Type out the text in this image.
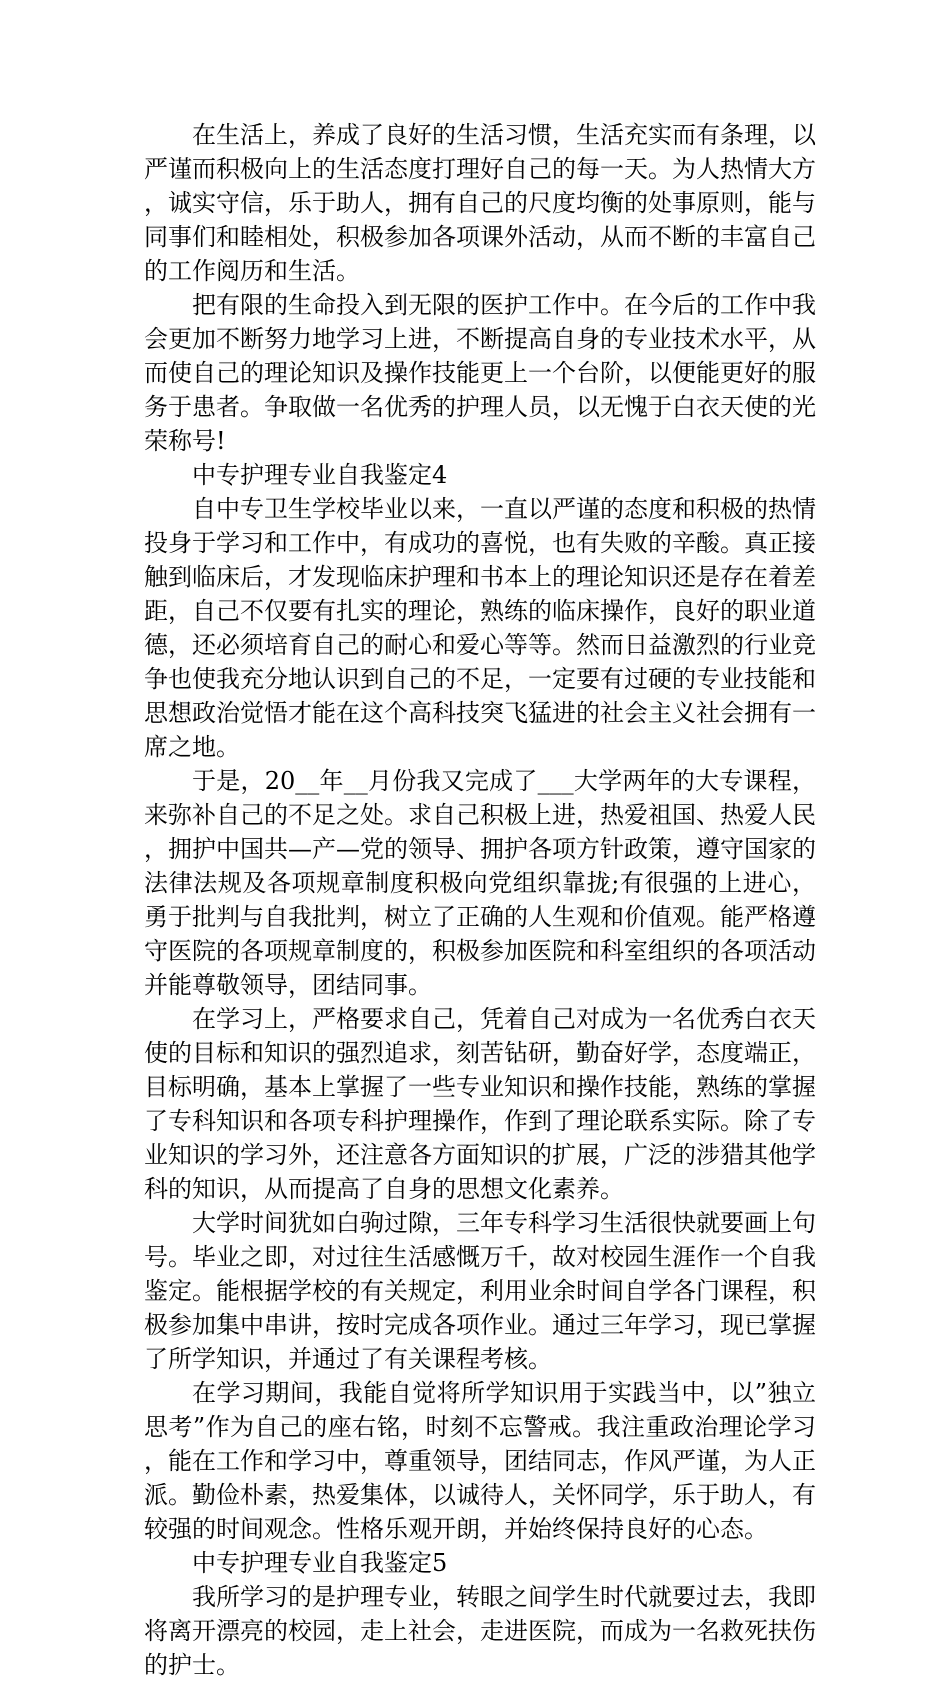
在生活上，养成了良好的生活习惯，生活充实而有条理，以严谨而积极向上的生活态度打理好自己的每一天。为人热情大方，诚实守信，乐于助人，拥有自己的尺度均衡的处事原则，能与同事们和睦相处，积极参加各项课外活动，从而不断的丰富自己的工作阅历和生活。

把有限的生命投入到无限的医护工作中。在今后的工作中我会更加不断努力地学习上进，不断提高自身的专业技术水平，从而使自己的理论知识及操作技能更上一个台阶，以便能更好的服务于患者。争取做一名优秀的护理人员，以无愧于白衣天使的光荣称号!

中专护理专业自我鉴定4

自中专卫生学校毕业以来，一直以严谨的态度和积极的热情投身于学习和工作中，有成功的喜悦，也有失败的辛酸。真正接触到临床后，才发现临床护理和书本上的理论知识还是存在着差距，自己不仅要有扎实的理论，熟练的临床操作，良好的职业道德，还必须培育自己的耐心和爱心等等。然而日益激烈的行业竞争也使我充分地认识到自己的不足，一定要有过硬的专业技能和思想政治觉悟才能在这个高科技突飞猛进的社会主义社会拥有一席之地。

于是，20__年__月份我又完成了___大学两年的大专课程，来弥补自己的不足之处。求自己积极上进，热爱祖国、热爱人民，拥护中国共—产—党的领导、拥护各项方针政策，遵守国家的法律法规及各项规章制度积极向党组织靠拢;有很强的上进心，勇于批判与自我批判，树立了正确的人生观和价值观。能严格遵守医院的各项规章制度的，积极参加医院和科室组织的各项活动并能尊敬领导，团结同事。

在学习上，严格要求自己，凭着自己对成为一名优秀白衣天使的目标和知识的强烈追求，刻苦钻研，勤奋好学，态度端正，目标明确，基本上掌握了一些专业知识和操作技能，熟练的掌握了专科知识和各项专科护理操作，作到了理论联系实际。除了专业知识的学习外，还注意各方面知识的扩展，广泛的涉猎其他学科的知识，从而提高了自身的思想文化素养。

大学时间犹如白驹过隙，三年专科学习生活很快就要画上句号。毕业之即，对过往生活感慨万千，故对校园生涯作一个自我鉴定。能根据学校的有关规定，利用业余时间自学各门课程，积极参加集中串讲，按时完成各项作业。通过三年学习，现已掌握了所学知识，并通过了有关课程考核。

在学习期间，我能自觉将所学知识用于实践当中，以”独立思考”作为自己的座右铭，时刻不忘警戒。我注重政治理论学习，能在工作和学习中，尊重领导，团结同志，作风严谨，为人正派。勤俭朴素，热爱集体，以诚待人，关怀同学，乐于助人，有较强的时间观念。性格乐观开朗，并始终保持良好的心态。

中专护理专业自我鉴定5

我所学习的是护理专业，转眼之间学生时代就要过去，我即将离开漂亮的校园，走上社会，走进医院，而成为一名救死扶伤的护士。
